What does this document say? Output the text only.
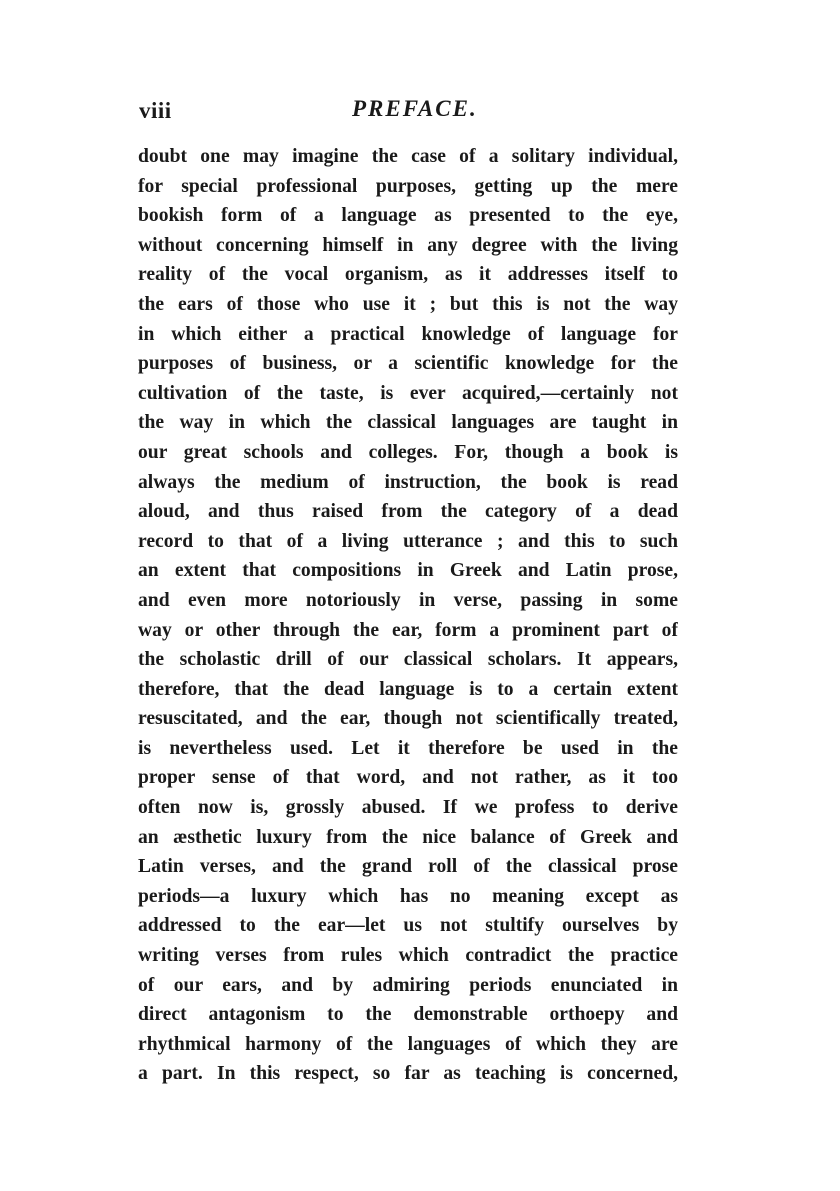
viii	PREFACE.

doubt one may imagine the case of a solitary individual,
for special professional purposes, getting up the mere
bookish form of a language as presented to the eye,
without concerning himself in any degree with the living
reality of the vocal organism, as it addresses itself to
the ears of those who use it ; but this is not the way
in which either a practical knowledge of language for
purposes of business, or a scientific knowledge for the
cultivation of the taste, is ever acquired,—certainly not
the way in which the classical languages are taught in
our great schools and colleges. For, though a book is
always the medium of instruction, the book is read
aloud, and thus raised from the category of a dead
record to that of a living utterance ; and this to such
an extent that compositions in Greek and Latin prose,
and even more notoriously in verse, passing in some
way or other through the ear, form a prominent part of
the scholastic drill of our classical scholars. It appears,
therefore, that the dead language is to a certain extent
resuscitated, and the ear, though not scientifically treated,
is nevertheless used. Let it therefore be used in the
proper sense of that word, and not rather, as it too
often now is, grossly abused. If we profess to derive
an æsthetic luxury from the nice balance of Greek and
Latin verses, and the grand roll of the classical prose
periods—a luxury which has no meaning except as
addressed to the ear—let us not stultify ourselves by
writing verses from rules which contradict the practice
of our ears, and by admiring periods enunciated in
direct antagonism to the demonstrable orthoepy and
rhythmical harmony of the languages of which they are
a part. In this respect, so far as teaching is concerned,
